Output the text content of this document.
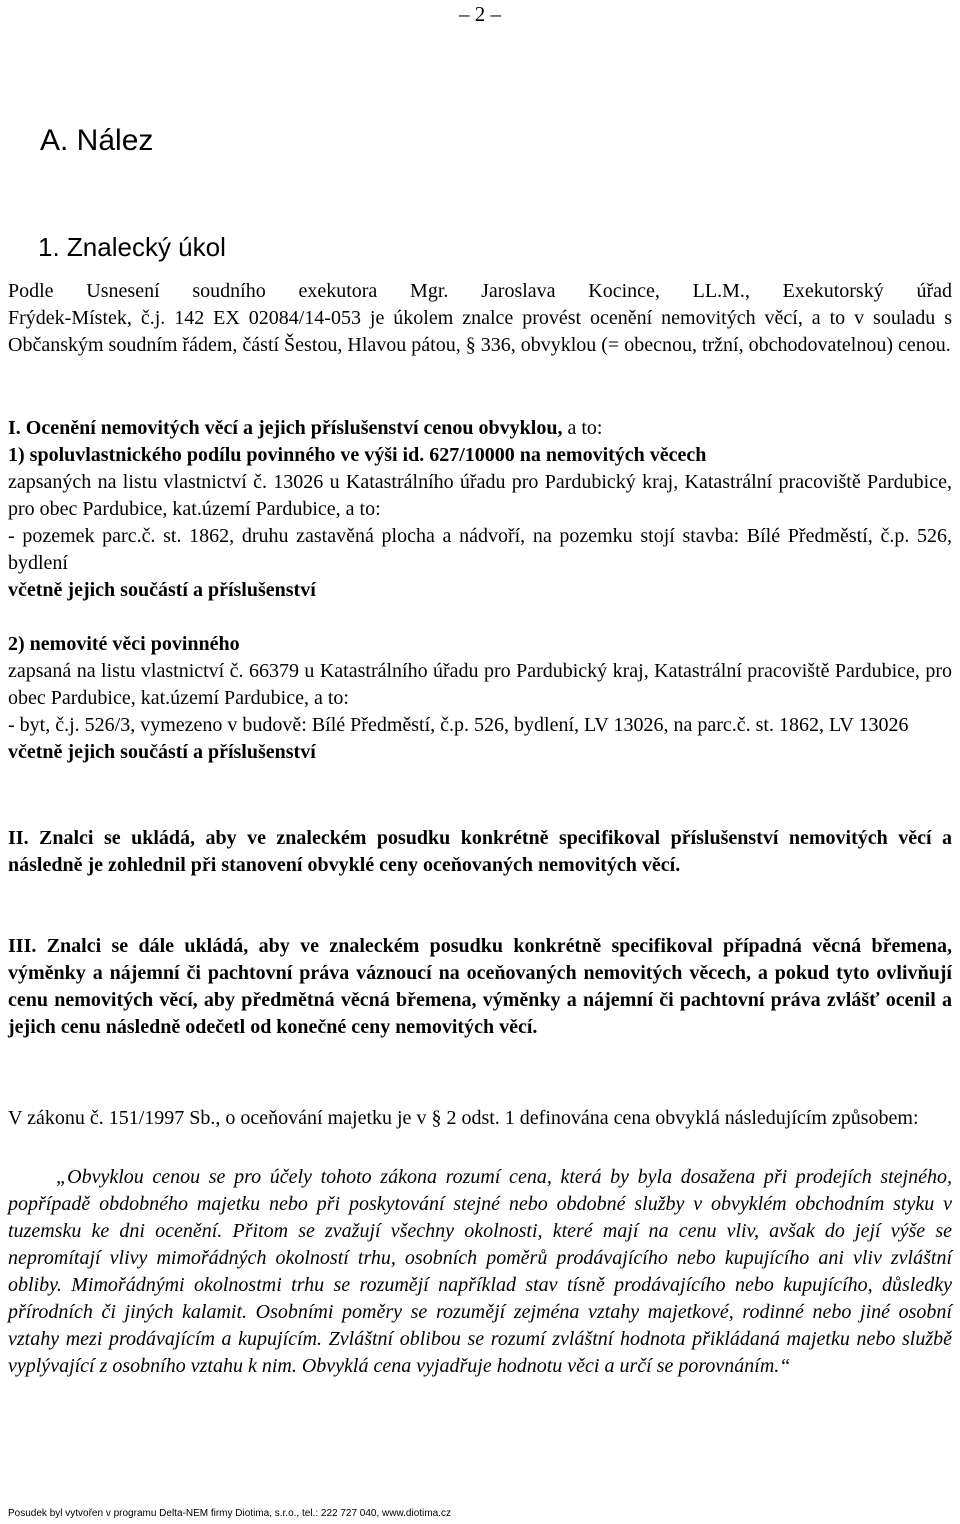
– 2 –
A. Nález
1. Znalecký úkol
Podle Usnesení soudního exekutora Mgr. Jaroslava Kocince, LL.M., Exekutorský úřad
Frýdek-Místek, č.j. 142 EX 02084/14-053 je úkolem znalce provést ocenění nemovitých věcí, a to v souladu s Občanským soudním řádem, částí Šestou, Hlavou pátou, § 336, obvyklou (= obecnou, tržní, obchodovatelnou) cenou.
I. Ocenění nemovitých věcí a jejich příslušenství cenou obvyklou, a to:
1) spoluvlastnického podílu povinného ve výši id. 627/10000 na nemovitých věcech
zapsaných na listu vlastnictví č. 13026 u Katastrálního úřadu pro Pardubický kraj, Katastrální pracoviště Pardubice, pro obec Pardubice, kat.území Pardubice, a to:
- pozemek parc.č. st. 1862, druhu zastavěná plocha a nádvoří, na pozemku stojí stavba: Bílé Předměstí, č.p. 526, bydlení
včetně jejich součástí a příslušenství
2) nemovité věci povinného
zapsaná na listu vlastnictví č. 66379 u Katastrálního úřadu pro Pardubický kraj, Katastrální pracoviště Pardubice, pro obec Pardubice, kat.území Pardubice, a to:
- byt, č.j. 526/3, vymezeno v budově: Bílé Předměstí, č.p. 526, bydlení, LV 13026, na parc.č. st. 1862, LV 13026
včetně jejich součástí a příslušenství
II. Znalci se ukládá, aby ve znaleckém posudku konkrétně specifikoval příslušenství nemovitých věcí a následně je zohlednil při stanovení obvyklé ceny oceňovaných nemovitých věcí.
III. Znalci se dále ukládá, aby ve znaleckém posudku konkrétně specifikoval případná věcná břemena, výměnky a nájemní či pachtovní práva váznoucí na oceňovaných nemovitých věcech, a pokud tyto ovlivňují cenu nemovitých věcí, aby předmětná věcná břemena, výměnky a nájemní či pachtovní práva zvlášť ocenil a jejich cenu následně odečetl od konečné ceny nemovitých věcí.
V zákonu č. 151/1997 Sb., o oceňování majetku je v § 2 odst. 1 definována cena obvyklá následujícím způsobem:
„Obvyklou cenou se pro účely tohoto zákona rozumí cena, která by byla dosažena při prodejích stejného, popřípadě obdobného majetku nebo při poskytování stejné nebo obdobné služby v obvyklém obchodním styku v tuzemsku ke dni ocenění. Přitom se zvažují všechny okolnosti, které mají na cenu vliv, avšak do její výše se nepromítají vlivy mimořádných okolností trhu, osobních poměrů prodávajícího nebo kupujícího ani vliv zvláštní obliby. Mimořádnými okolnostmi trhu se rozumějí například stav tísně prodávajícího nebo kupujícího, důsledky přírodních či jiných kalamit. Osobními poměry se rozumějí zejména vztahy majetkové, rodinné nebo jiné osobní vztahy mezi prodávajícím a kupujícím. Zvláštní oblibou se rozumí zvláštní hodnota přikládaná majetku nebo službě vyplývající z osobního vztahu k nim. Obvyklá cena vyjadřuje hodnotu věci a určí se porovnáním.“
Posudek byl vytvořen v programu Delta-NEM firmy Diotima, s.r.o., tel.: 222 727 040, www.diotima.cz
